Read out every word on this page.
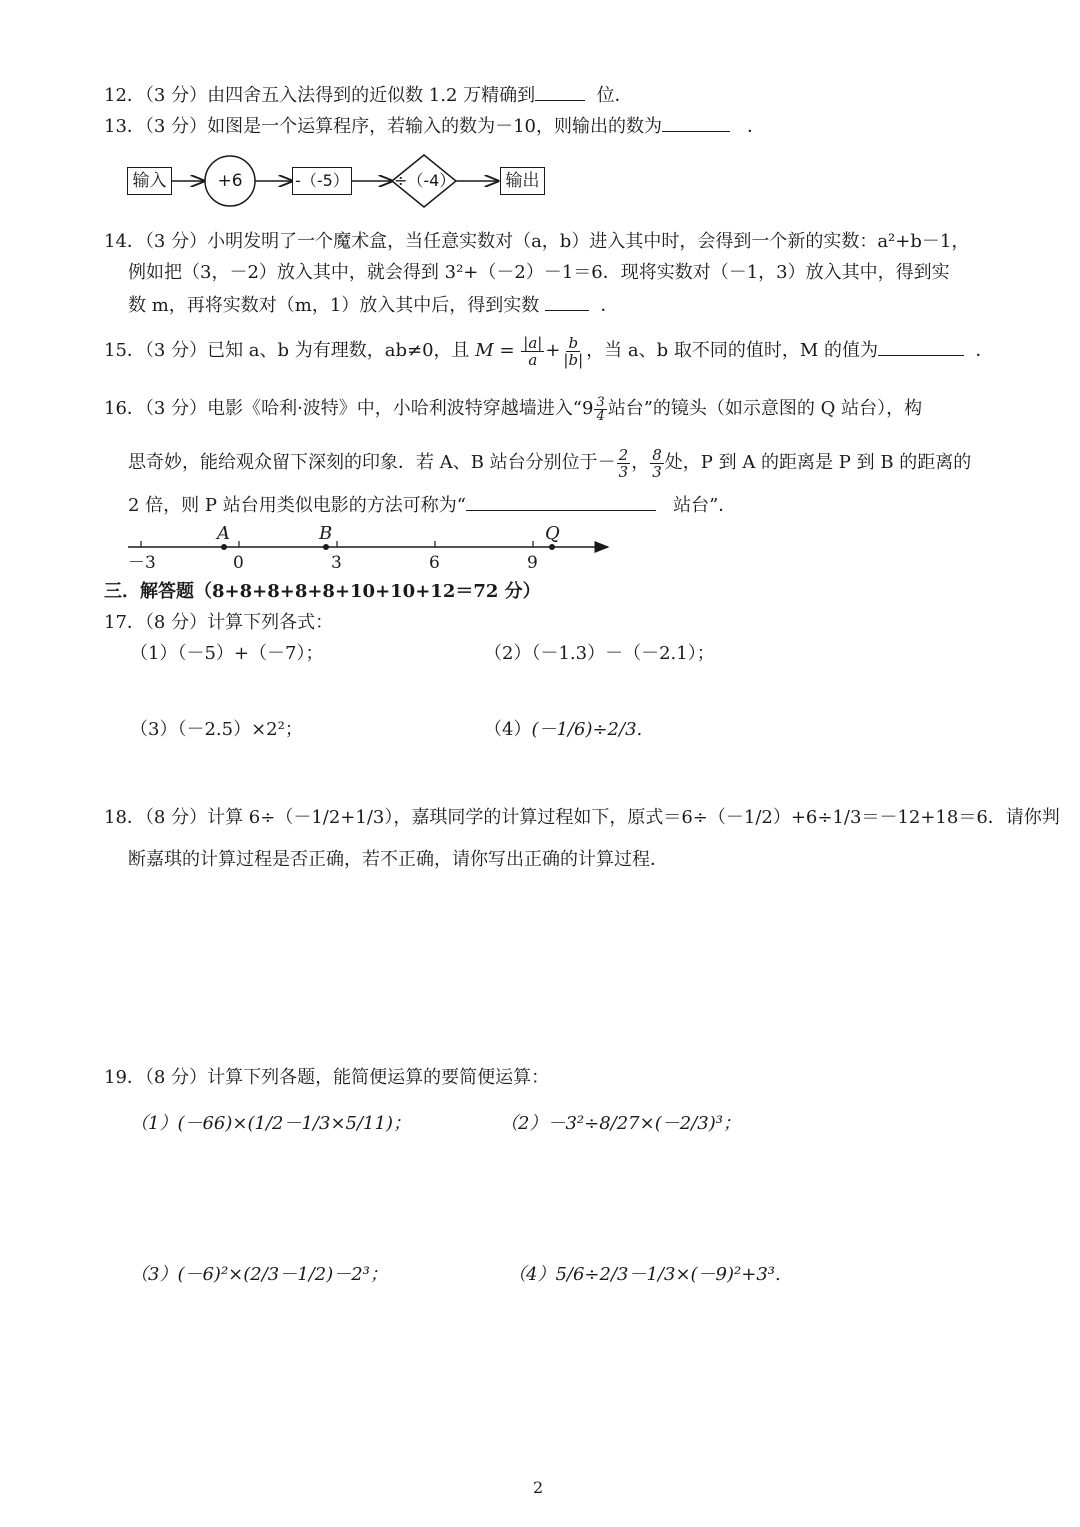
12．（3 分）由四舍五入法得到的近似数 1.2 万精确到	位．
13．（3 分）如图是一个运算程序，若输入的数为－10，则输出的数为	．
输入	+6	-（-5）	÷（-4）	输出
14．（3 分）小明发明了一个魔术盒，当任意实数对（a，b）进入其中时，会得到一个新的实数：a²+b－1，
例如把（3，－2）放入其中，就会得到 3²+（－2）－1＝6．现将实数对（－1，3）放入其中，得到实
数 m，再将实数对（m，1）放入其中后，得到实数	．
15．（3 分）已知 a、b 为有理数，ab≠0，且 $M = \frac{|a|}{a} + \frac{b}{|b|}$ ，当 a、b 取不同的值时，M 的值为	．
16．（3 分）电影《哈利·波特》中，小哈利波特穿越墙进入“$9 \frac{3}{4}$ 站台”的镜头（如示意图的 Q 站台），构
思奇妙，能给观众留下深刻的印象．若 A、B 站台分别位于－ $\frac{2}{3}$ ， $\frac{8}{3}$ 处，P 到 A 的距离是 P 到 B 的距离的
2 倍，则 P 站台用类似电影的方法可称为“	站台”．
A	B	Q
－3	0	3	6	9
三．解答题（8+8+8+8+8+10+10+12＝72 分）
17．（8 分）计算下列各式：
（1）（－5）+（－7）；	（2）（－1.3）－（－2.1）；
（3）（－2.5）×2²；	（4）(－1/6)÷2/3.
18．（8 分）计算 6÷（－1/2+1/3），嘉琪同学的计算过程如下，原式＝6÷（－1/2）+6÷1/3＝－12+18＝6．请你判
断嘉琪的计算过程是否正确，若不正确，请你写出正确的计算过程．
19．（8 分）计算下列各题，能简便运算的要简便运算：
（1）(－66)×(1/2－1/3×5/11)；	（2）－3²÷8/27×(－2/3)³；
（3）(－6)²×(2/3－1/2)－2³；	（4）5/6÷2/3－1/3×(－9)²+3³.
2
